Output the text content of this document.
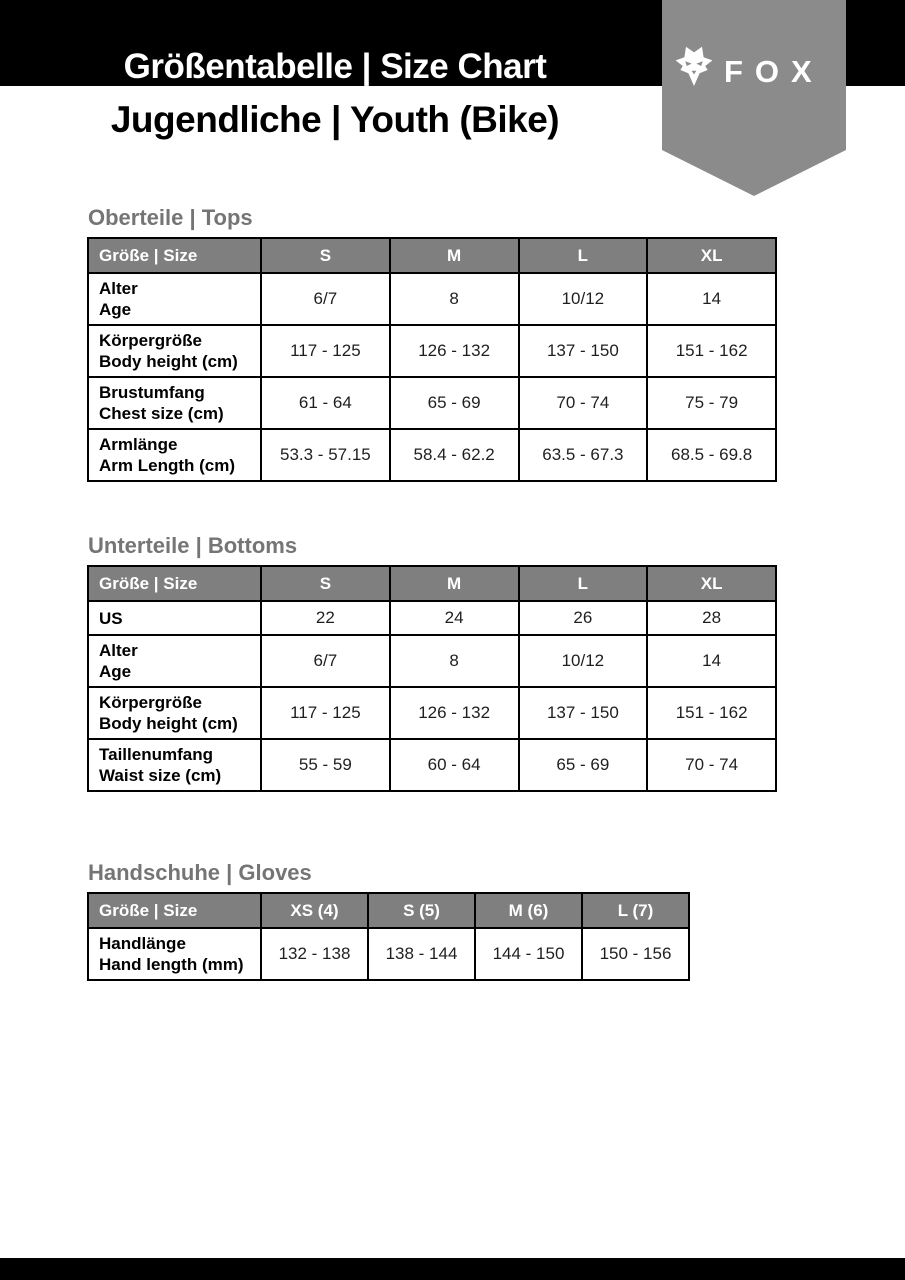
Größentabelle | Size Chart
Jugendliche | Youth (Bike)
FOX
Oberteile | Tops
Größe | Size	S	M	L	XL

Alter
Age	6/7	8	10/12	14

Körpergröße
Body height (cm)	117 - 125	126 - 132	137 - 150	151 - 162

Brustumfang
Chest size (cm)	61 - 64	65 - 69	70 - 74	75 - 79

Armlänge
Arm Length (cm)	53.3 - 57.15	58.4 - 62.2	63.5 - 67.3	68.5 - 69.8
Unterteile | Bottoms
Größe | Size	S	M	L	XL

US	22	24	26	28

Alter
Age	6/7	8	10/12	14

Körpergröße
Body height (cm)	117 - 125	126 - 132	137 - 150	151 - 162

Taillenumfang
Waist size (cm)	55 - 59	60 - 64	65 - 69	70 - 74
Handschuhe | Gloves
Größe | Size	XS (4)	S (5)	M (6)	L (7)

Handlänge
Hand length (mm)	132 - 138	138 - 144	144 - 150	150 - 156
